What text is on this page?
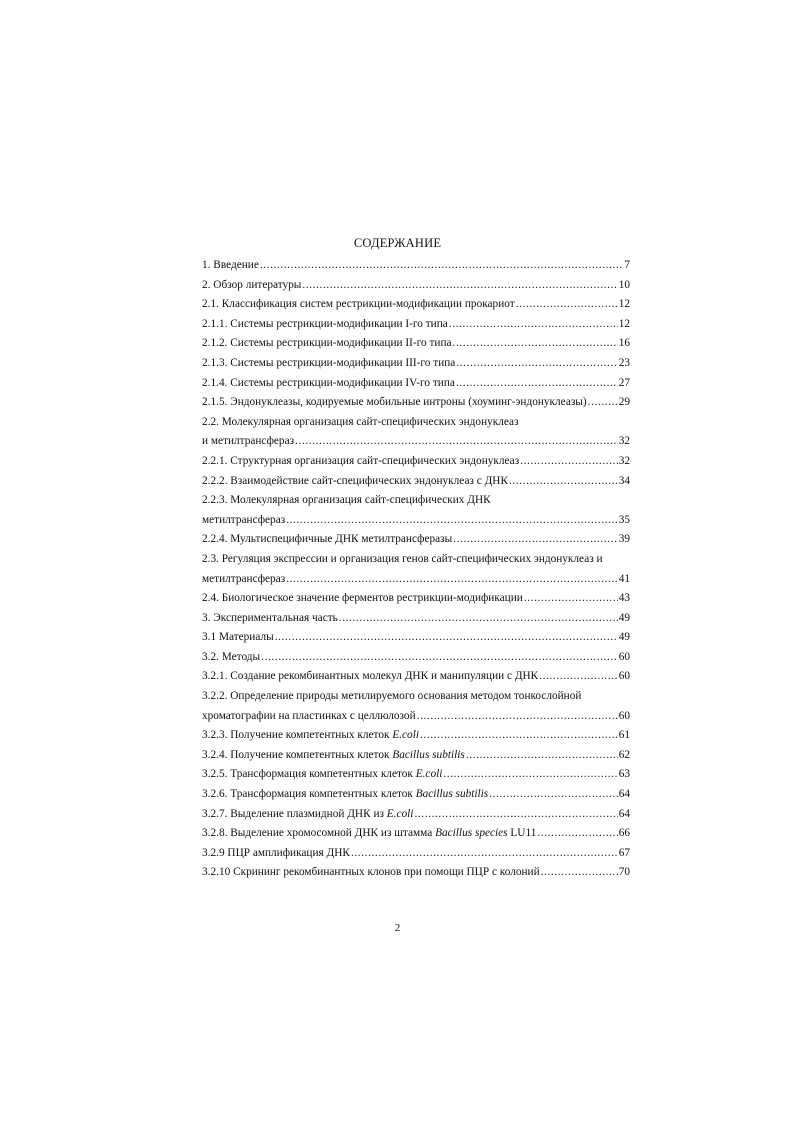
СОДЕРЖАНИЕ
1. Введение .....	7
2. Обзор литературы .....	10
2.1. Классификация систем рестрикции-модификации прокариот .....	12
2.1.1. Системы рестрикции-модификации I-го типа .....	12
2.1.2. Системы рестрикции-модификации II-го типа .....	16
2.1.3. Системы рестрикции-модификации III-го типа .....	23
2.1.4. Системы рестрикции-модификации IV-го типа .....	27
2.1.5. Эндонуклеазы, кодируемые мобильные интроны (хоуминг-эндонуклеазы) .....	29
2.2. Молекулярная организация сайт-специфических эндонуклеаз
и метилтрансфераз .....	32
2.2.1. Структурная организация сайт-специфических эндонуклеаз .....	32
2.2.2. Взаимодействие сайт-специфических эндонуклеаз с ДНК .....	34
2.2.3. Молекулярная организация сайт-специфических ДНК
метилтрансфераз .....	35
2.2.4. Мультиспецифичные ДНК метилтрансферазы .....	39
2.3. Регуляция экспрессии и организация генов сайт-специфических эндонуклеаз и
метилтрансфераз .....	41
2.4. Биологическое значение ферментов рестрикции-модификации .....	43
3. Экспериментальная часть .....	49
3.1 Материалы .....	49
3.2. Методы .....	60
3.2.1. Создание рекомбинантных молекул ДНК и манипуляции с ДНК .....	60
3.2.2. Определение природы метилируемого основания методом тонкослойной
хроматографии на пластинках с целлюлозой .....	60
3.2.3. Получение компетентных клеток E.coli .....	61
3.2.4. Получение компетентных клеток Bacillus subtilis .....	62
3.2.5. Трансформация компетентных клеток E.coli .....	63
3.2.6. Трансформация компетентных клеток Bacillus subtilis .....	64
3.2.7. Выделение плазмидной ДНК из E.coli .....	64
3.2.8. Выделение хромосомной ДНК из штамма Bacillus species LU11 .....	66
3.2.9 ПЦР амплификация ДНК .....	67
3.2.10 Скрининг рекомбинантных клонов при помощи ПЦР с колоний .....	70
2
